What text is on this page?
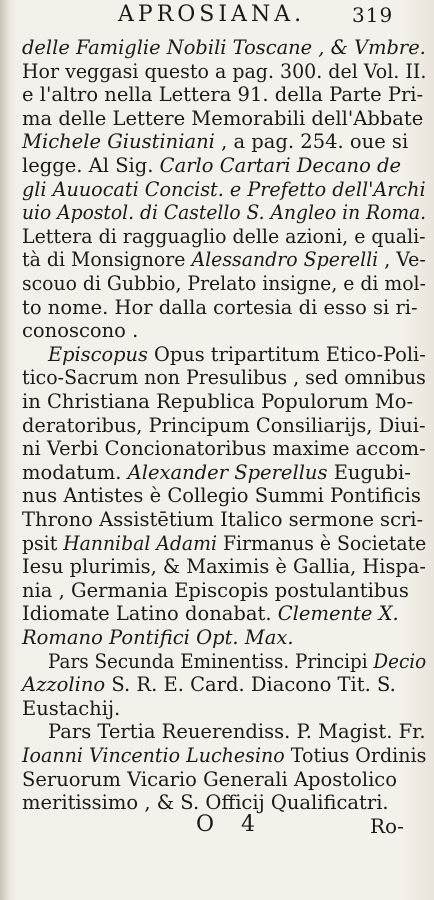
APROSIANA. 319
delle Famiglie Nobili Toscane , & Vmbre.
Hor veggasi questo a pag. 300. del Vol. II.
e l'altro nella Lettera 91. della Parte Pri-
ma delle Lettere Memorabili dell'Abbate
Michele Giustiniani , a pag. 254. oue si
legge. Al Sig. Carlo Cartari Decano de
gli Auuocati Concist. e Prefetto dell'Archi
uio Apostol. di Castello S. Angleo in Roma.
Lettera di ragguaglio delle azioni, e quali-
tà di Monsignore Alessandro Sperelli , Ve-
scouo di Gubbio, Prelato insigne, e di mol-
to nome. Hor dalla cortesia di esso si ri-
conoscono .
Episcopus Opus tripartitum Etico-Poli-
tico-Sacrum non Presulibus , sed omnibus
in Christiana Republica Populorum Mo-
deratoribus, Principum Consiliarijs, Diui-
ni Verbi Concionatoribus maxime accom-
modatum. Alexander Sperellus Eugubi-
nus Antistes è Collegio Summi Pontificis
Throno Assistētium Italico sermone scri-
psit Hannibal Adami Firmanus è Societate
Iesu plurimis, & Maximis è Gallia, Hispa-
nia , Germania Episcopis postulantibus
Idiomate Latino donabat. Clemente X.
Romano Pontifici Opt. Max.
Pars Secunda Eminentiss. Principi Decio
Azzolino S. R. E. Card. Diacono Tit. S.
Eustachij.
Pars Tertia Reuerendiss. P. Magist. Fr.
Ioanni Vincentio Luchesino Totius Ordinis
Seruorum Vicario Generali Apostolico
meritissimo , & S. Officij Qualificatri.
O 4	Ro-
